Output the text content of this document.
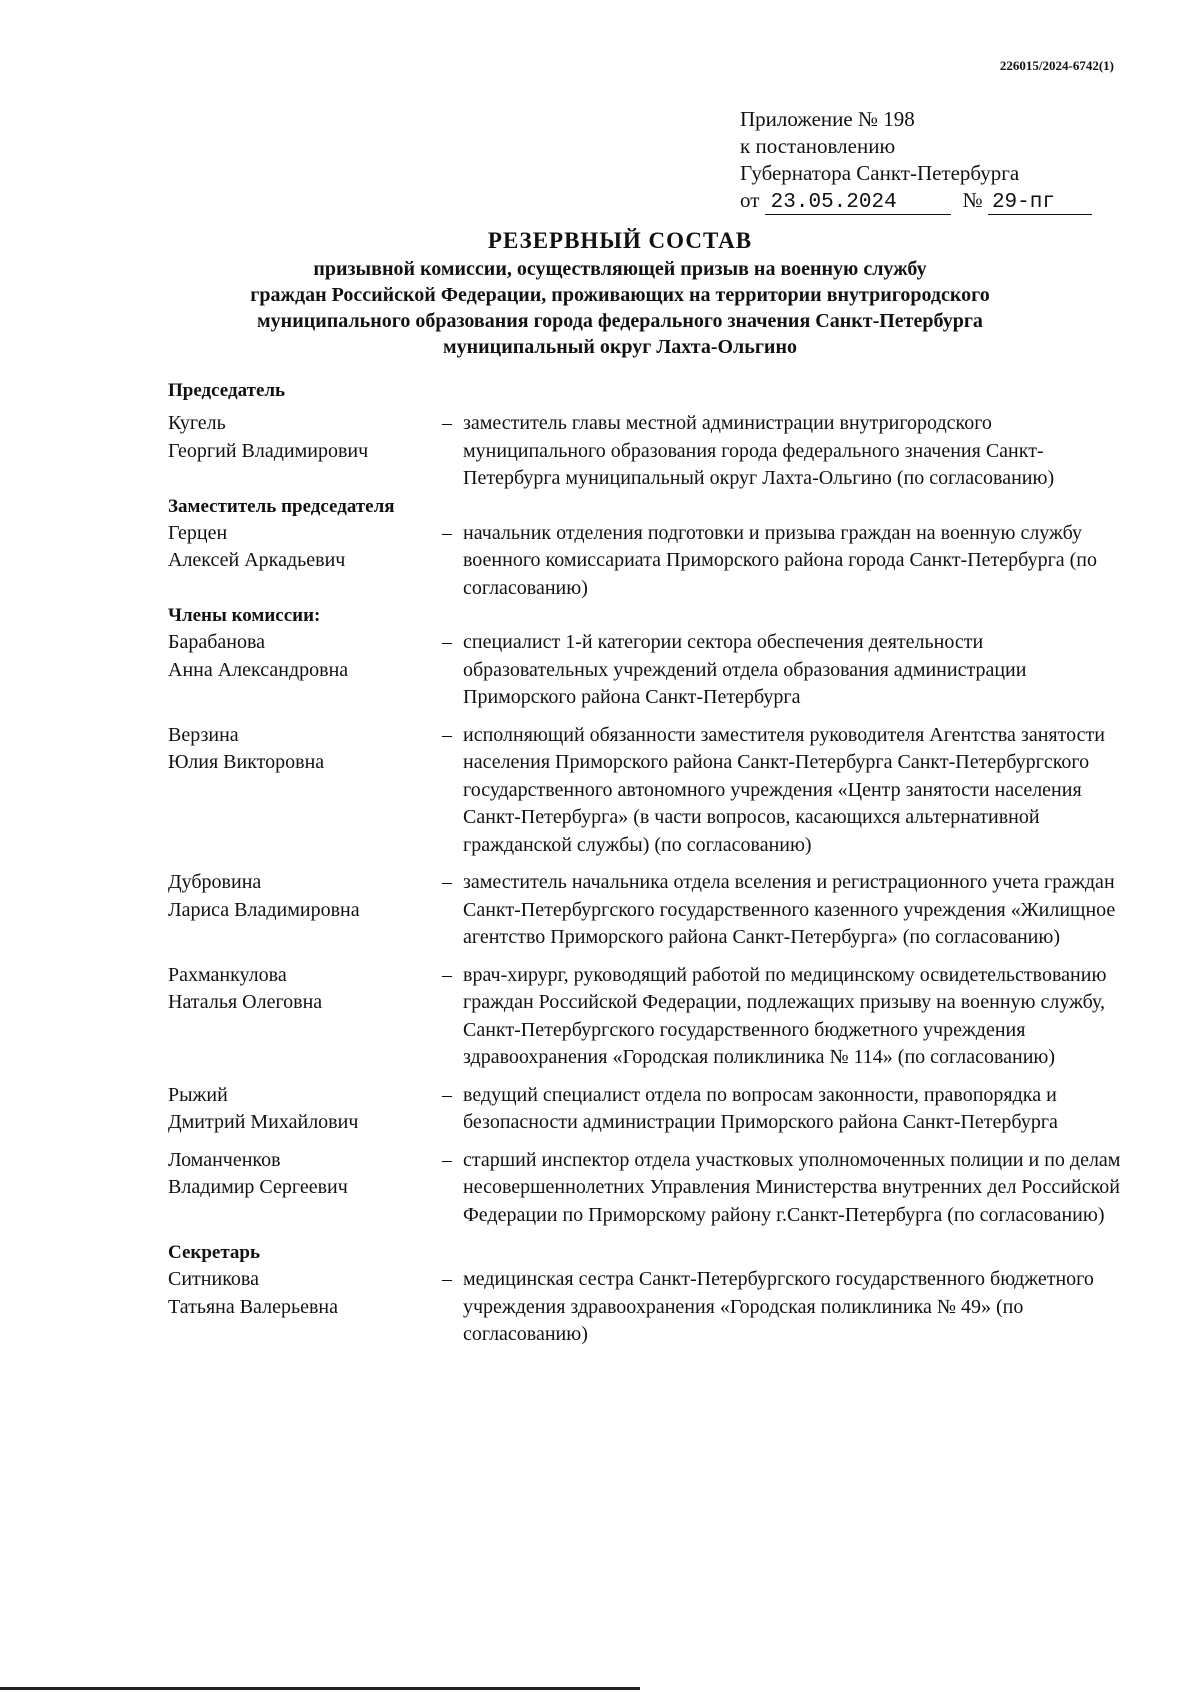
226015/2024-6742(1)
Приложение № 198
к постановлению
Губернатора Санкт-Петербурга
от 23.05.2024	№ 29-пг
РЕЗЕРВНЫЙ СОСТАВ
призывной комиссии, осуществляющей призыв на военную службу
граждан Российской Федерации, проживающих на территории внутригородского
муниципального образования города федерального значения Санкт-Петербурга
муниципальный округ Лахта-Ольгино
Председатель
Кугель
Георгий Владимирович
– заместитель главы местной администрации внутригородского муниципального образования города федерального значения Санкт-Петербурга муниципальный округ Лахта-Ольгино (по согласованию)
Заместитель председателя
Герцен
Алексей Аркадьевич
– начальник отделения подготовки и призыва граждан на военную службу военного комиссариата Приморского района города Санкт-Петербурга (по согласованию)
Члены комиссии:
Барабанова
Анна Александровна
– специалист 1-й категории сектора обеспечения деятельности образовательных учреждений отдела образования администрации Приморского района Санкт-Петербурга
Верзина
Юлия Викторовна
– исполняющий обязанности заместителя руководителя Агентства занятости населения Приморского района Санкт-Петербурга Санкт-Петербургского государственного автономного учреждения «Центр занятости населения Санкт-Петербурга» (в части вопросов, касающихся альтернативной гражданской службы) (по согласованию)
Дубровина
Лариса Владимировна
– заместитель начальника отдела вселения и регистрационного учета граждан Санкт-Петербургского государственного казенного учреждения «Жилищное агентство Приморского района Санкт-Петербурга» (по согласованию)
Рахманкулова
Наталья Олеговна
– врач-хирург, руководящий работой по медицинскому освидетельствованию граждан Российской Федерации, подлежащих призыву на военную службу, Санкт-Петербургского государственного бюджетного учреждения здравоохранения «Городская поликлиника № 114» (по согласованию)
Рыжий
Дмитрий Михайлович
– ведущий специалист отдела по вопросам законности, правопорядка и безопасности администрации Приморского района Санкт-Петербурга
Ломанченков
Владимир Сергеевич
– старший инспектор отдела участковых уполномоченных полиции и по делам несовершеннолетних Управления Министерства внутренних дел Российской Федерации по Приморскому району г.Санкт-Петербурга (по согласованию)
Секретарь
Ситникова
Татьяна Валерьевна
– медицинская сестра Санкт-Петербургского государственного бюджетного учреждения здравоохранения «Городская поликлиника № 49» (по согласованию)
